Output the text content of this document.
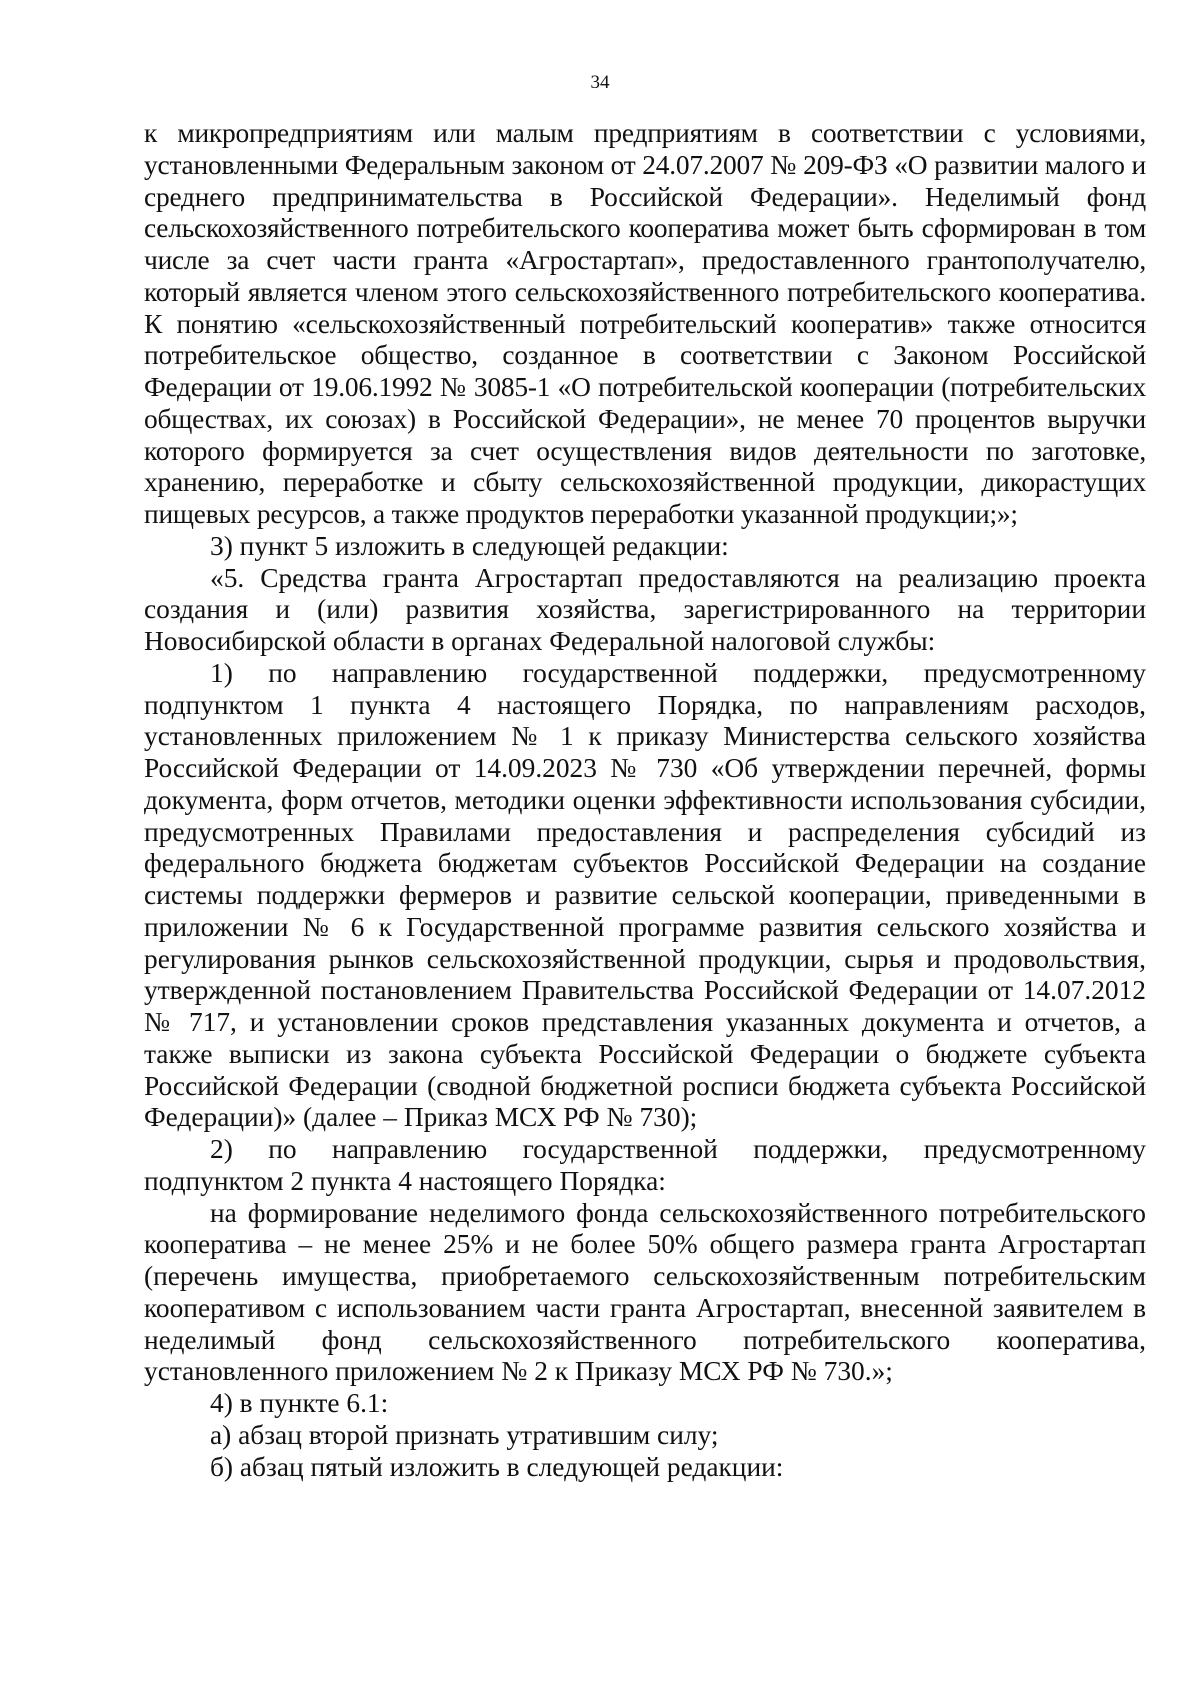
34

к микропредприятиям или малым предприятиям в соответствии с условиями, установленными Федеральным законом от 24.07.2007 № 209-ФЗ «О развитии малого и среднего предпринимательства в Российской Федерации». Неделимый фонд сельскохозяйственного потребительского кооператива может быть сформирован в том числе за счет части гранта «Агростартап», предоставленного грантополучателю, который является членом этого сельскохозяйственного потребительского кооператива. К понятию «сельскохозяйственный потребительский кооператив» также относится потребительское общество, созданное в соответствии с Законом Российской Федерации от 19.06.1992 № 3085-1 «О потребительской кооперации (потребительских обществах, их союзах) в Российской Федерации», не менее 70 процентов выручки которого формируется за счет осуществления видов деятельности по заготовке, хранению, переработке и сбыту сельскохозяйственной продукции, дикорастущих пищевых ресурсов, а также продуктов переработки указанной продукции;»;

3) пункт 5 изложить в следующей редакции:

«5. Средства гранта Агростартап предоставляются на реализацию проекта создания и (или) развития хозяйства, зарегистрированного на территории Новосибирской области в органах Федеральной налоговой службы:

1) по направлению государственной поддержки, предусмотренному подпунктом 1 пункта 4 настоящего Порядка, по направлениям расходов, установленных приложением № 1 к приказу Министерства сельского хозяйства Российской Федерации от 14.09.2023 № 730 «Об утверждении перечней, формы документа, форм отчетов, методики оценки эффективности использования субсидии, предусмотренных Правилами предоставления и распределения субсидий из федерального бюджета бюджетам субъектов Российской Федерации на создание системы поддержки фермеров и развитие сельской кооперации, приведенными в приложении № 6 к Государственной программе развития сельского хозяйства и регулирования рынков сельскохозяйственной продукции, сырья и продовольствия, утвержденной постановлением Правительства Российской Федерации от 14.07.2012 № 717, и установлении сроков представления указанных документа и отчетов, а также выписки из закона субъекта Российской Федерации о бюджете субъекта Российской Федерации (сводной бюджетной росписи бюджета субъекта Российской Федерации)» (далее – Приказ МСХ РФ № 730);

2) по направлению государственной поддержки, предусмотренному подпунктом 2 пункта 4 настоящего Порядка:

на формирование неделимого фонда сельскохозяйственного потребительского кооператива – не менее 25% и не более 50% общего размера гранта Агростартап (перечень имущества, приобретаемого сельскохозяйственным потребительским кооперативом с использованием части гранта Агростартап, внесенной заявителем в неделимый фонд сельскохозяйственного потребительского кооператива, установленного приложением № 2 к Приказу МСХ РФ № 730.»;

4) в пункте 6.1:

а) абзац второй признать утратившим силу;

б) абзац пятый изложить в следующей редакции:
